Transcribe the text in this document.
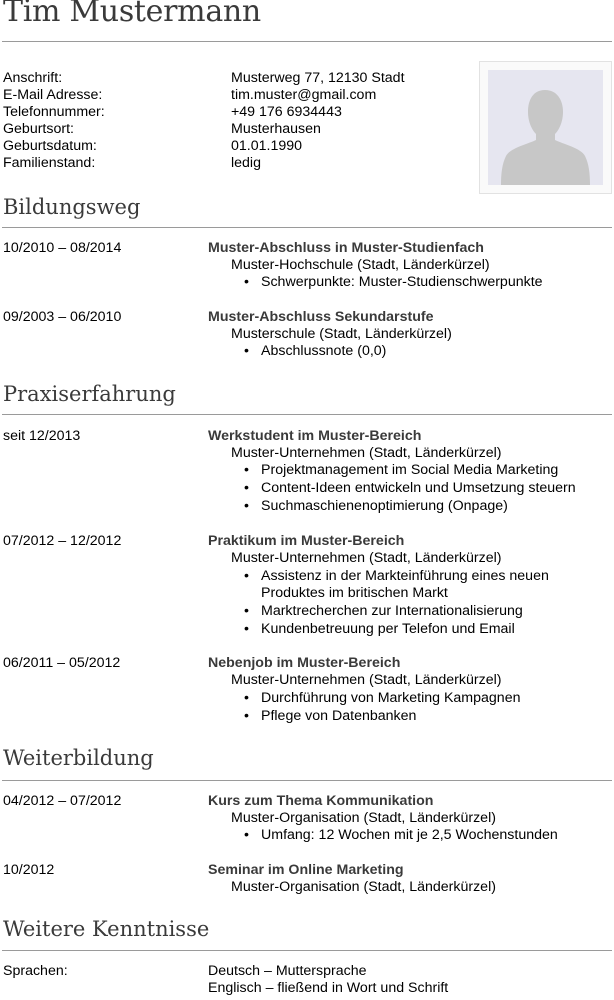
Tim Mustermann
Anschrift:	Musterweg 77, 12130 Stadt
E-Mail Adresse:	tim.muster@gmail.com
Telefonnummer:	+49 176 6934443
Geburtsort:	Musterhausen
Geburtsdatum:	01.01.1990
Familienstand:	ledig
Bildungsweg
10/2010 – 08/2014	Muster-Abschluss in Muster-Studienfach
Muster-Hochschule (Stadt, Länderkürzel)
• Schwerpunkte: Muster-Studienschwerpunkte
09/2003 – 06/2010	Muster-Abschluss Sekundarstufe
Musterschule (Stadt, Länderkürzel)
• Abschlussnote (0,0)
Praxiserfahrung
seit 12/2013	Werkstudent im Muster-Bereich
Muster-Unternehmen (Stadt, Länderkürzel)
• Projektmanagement im Social Media Marketing
• Content-Ideen entwickeln und Umsetzung steuern
• Suchmaschienenoptimierung (Onpage)
07/2012 – 12/2012	Praktikum im Muster-Bereich
Muster-Unternehmen (Stadt, Länderkürzel)
• Assistenz in der Markteinführung eines neuen
Produktes im britischen Markt
• Marktrecherchen zur Internationalisierung
• Kundenbetreuung per Telefon und Email
06/2011 – 05/2012	Nebenjob im Muster-Bereich
Muster-Unternehmen (Stadt, Länderkürzel)
• Durchführung von Marketing Kampagnen
• Pflege von Datenbanken
Weiterbildung
04/2012 – 07/2012	Kurs zum Thema Kommunikation
Muster-Organisation (Stadt, Länderkürzel)
• Umfang: 12 Wochen mit je 2,5 Wochenstunden
10/2012	Seminar im Online Marketing
Muster-Organisation (Stadt, Länderkürzel)
Weitere Kenntnisse
Sprachen:	Deutsch – Muttersprache
Englisch – fließend in Wort und Schrift
